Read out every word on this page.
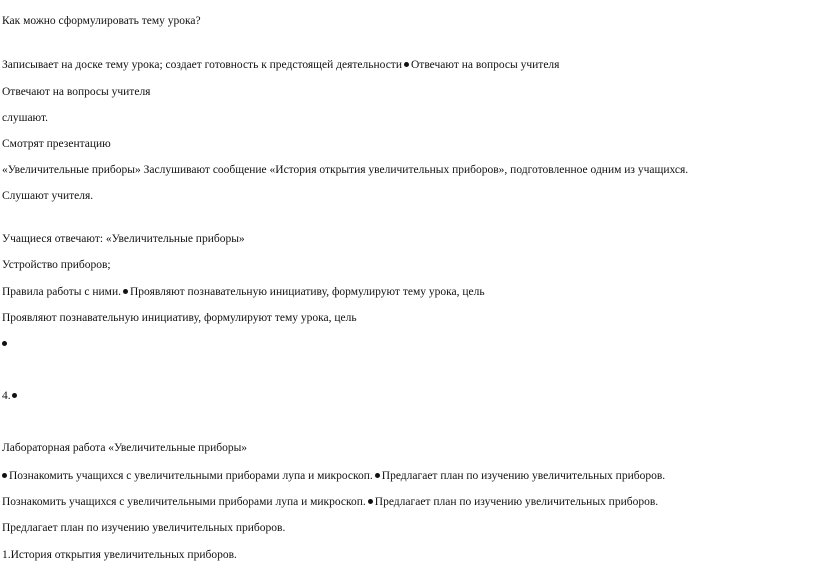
Как можно сформулировать тему урока?
Записывает на доске тему урока; создает готовность к предстоящей деятельности Отвечают на вопросы учителя
Отвечают на вопросы учителя
слушают.
Смотрят презентацию
«Увеличительные приборы» Заслушивают сообщение «История открытия увеличительных приборов», подготовленное одним из учащихся.
Слушают учителя.
Учащиеся отвечают: «Увеличительные приборы»
Устройство приборов;
Правила работы с ними. Проявляют познавательную инициативу, формулируют тему урока, цель
Проявляют познавательную инициативу, формулируют тему урока, цель
4.
Лабораторная работа «Увеличительные приборы»
Познакомить учащихся с увеличительными приборами лупа и микроскоп. Предлагает план по изучению увеличительных приборов.
Познакомить учащихся с увеличительными приборами лупа и микроскоп. Предлагает план по изучению увеличительных приборов.
Предлагает план по изучению увеличительных приборов.
1.История открытия увеличительных приборов.
